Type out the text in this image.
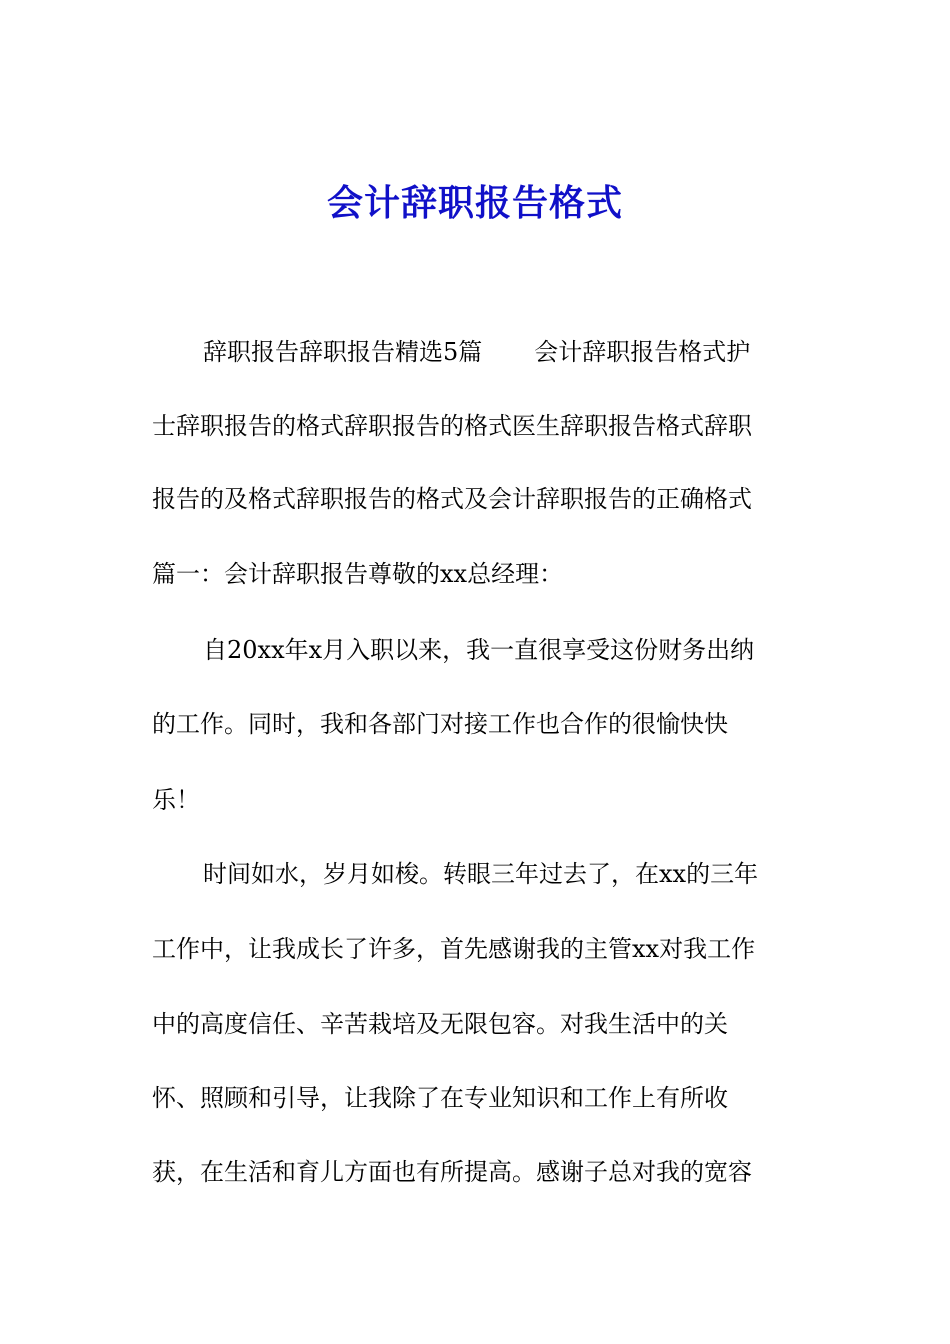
会计辞职报告格式
辞职报告辞职报告精选5篇 会计辞职报告格式护
士辞职报告的格式辞职报告的格式医生辞职报告格式辞职
报告的及格式辞职报告的格式及会计辞职报告的正确格式
篇一：会计辞职报告尊敬的xx总经理：
自20xx年x月入职以来，我一直很享受这份财务出纳
的工作。同时，我和各部门对接工作也合作的很愉快快
乐！
时间如水，岁月如梭。转眼三年过去了，在xx的三年
工作中，让我成长了许多，首先感谢我的主管xx对我工作
中的高度信任、辛苦栽培及无限包容。对我生活中的关
怀、照顾和引导，让我除了在专业知识和工作上有所收
获，在生活和育儿方面也有所提高。感谢子总对我的宽容
